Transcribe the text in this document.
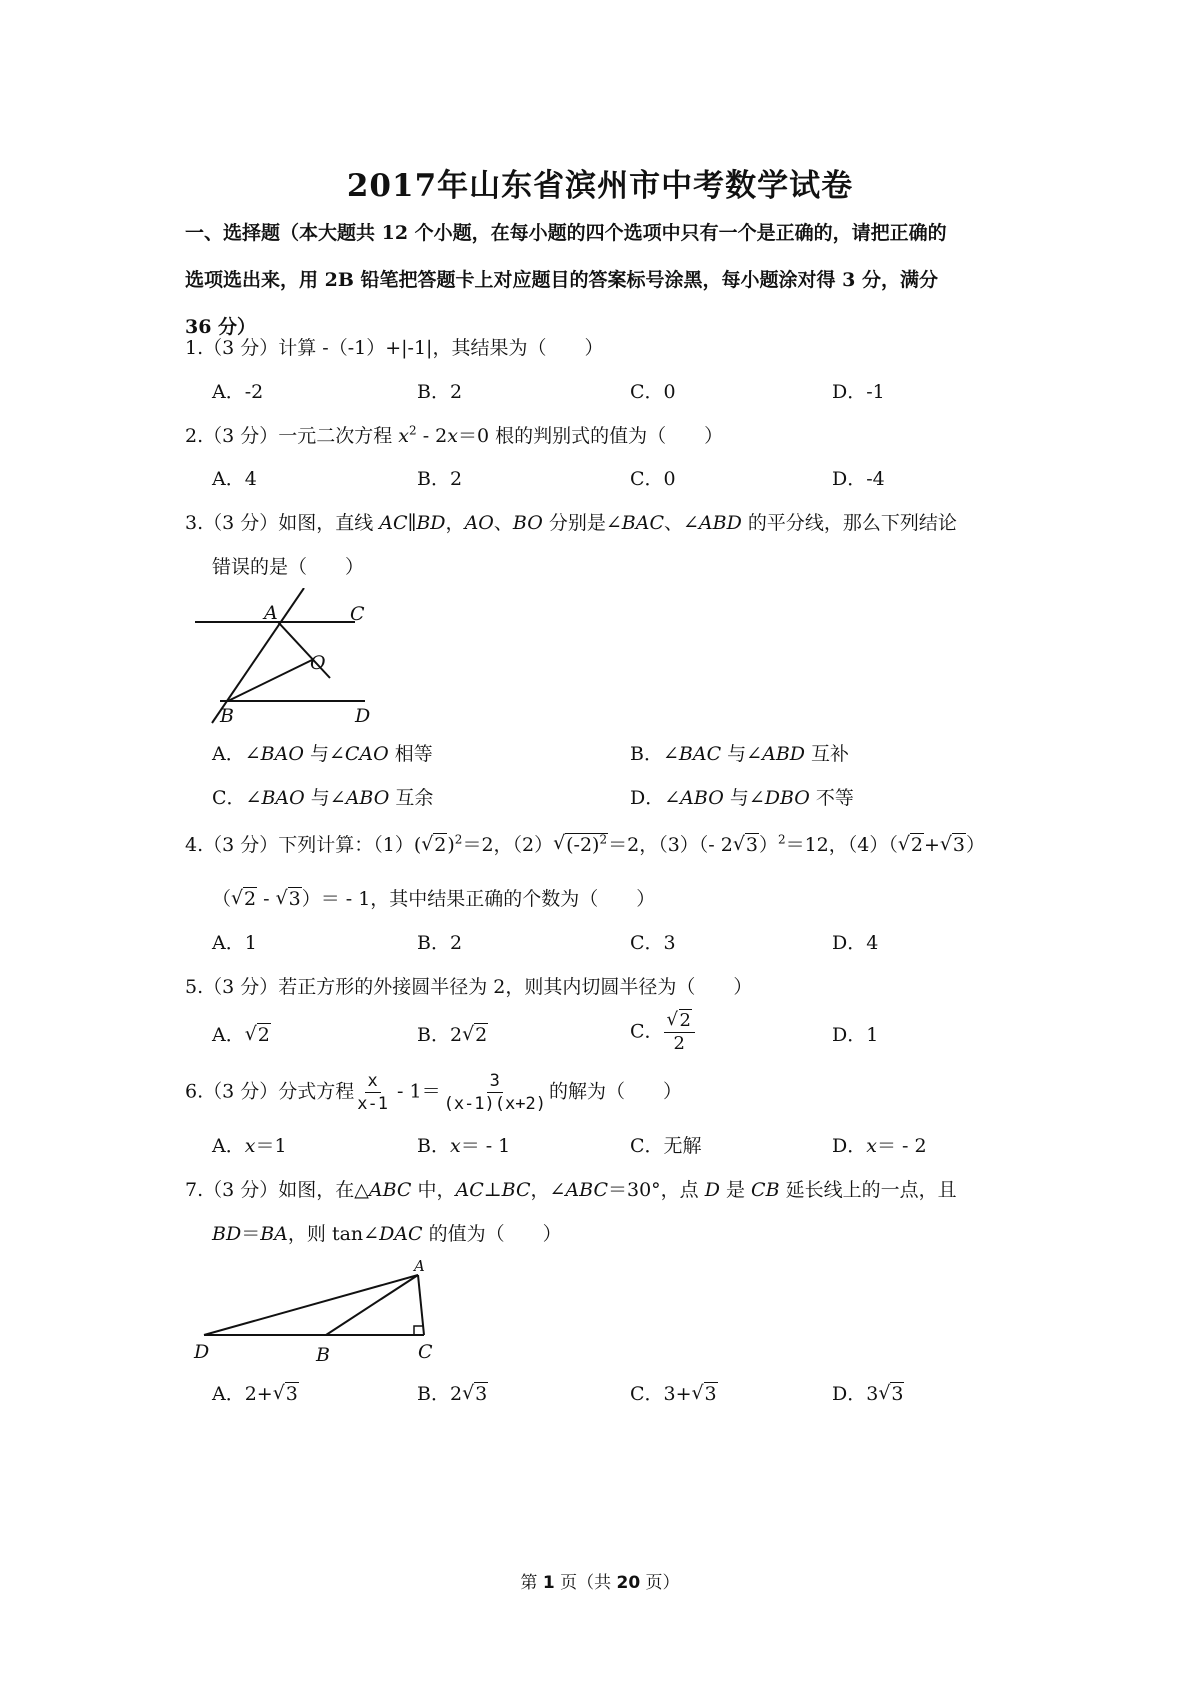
2017年山东省滨州市中考数学试卷
一、选择题（本大题共 12 个小题，在每小题的四个选项中只有一个是正确的，请把正确的
选项选出来，用 2B 铅笔把答题卡上对应题目的答案标号涂黑，每小题涂对得 3 分，满分
36 分）
1.（3 分）计算 -（-1）+|-1|，其结果为（　　）
A．-2	B．2	C．0	D．-1
2.（3 分）一元二次方程 $x^2 - 2x=0$ 根的判别式的值为（　　）
A．4	B．2	C．0	D．-4
3.（3 分）如图，直线 AC∥BD，AO、BO 分别是∠BAC、∠ABD 的平分线，那么下列结论
错误的是（　　）
A	C
O
B	D
A．∠BAO 与∠CAO 相等	B．∠BAC 与∠ABD 互补
C．∠BAO 与∠ABO 互余	D．∠ABO 与∠DBO 不等
4.（3 分）下列计算：（1）( √ 2)$^2$＝2，（2） √ $(-2)^2=2$，（3）（- 2 √ 3）$^2$＝12，（4）（ √ 2+ √ 3）
（ √ 2 - √ 3）＝ - 1，其中结果正确的个数为（　　）
A．1	B．2	C．3	D．4
5.（3 分）若正方形的外接圆半径为 2，则其内切圆半径为（　　）
A． √ 2	B．2 √ 2	C． √ $\frac{2}{2}$	D．1
6.（3 分）分式方程 $\frac{x}{x-1} - 1= \frac{3}{(x-1)(x+2)}$ 的解为（　　）
A．x＝1	B．x＝ - 1	C．无解	D．x＝ - 2
7.（3 分）如图，在△ABC 中，AC⊥BC，∠ABC＝30°，点 D 是 CB 延长线上的一点，且
BD＝BA，则 tan∠DAC 的值为（　　）
A
D	B	C
A．2+ √ 3	B．2 √ 3	C．3+ √ 3	D．3 √ 3
第 1 页（共 20 页）
